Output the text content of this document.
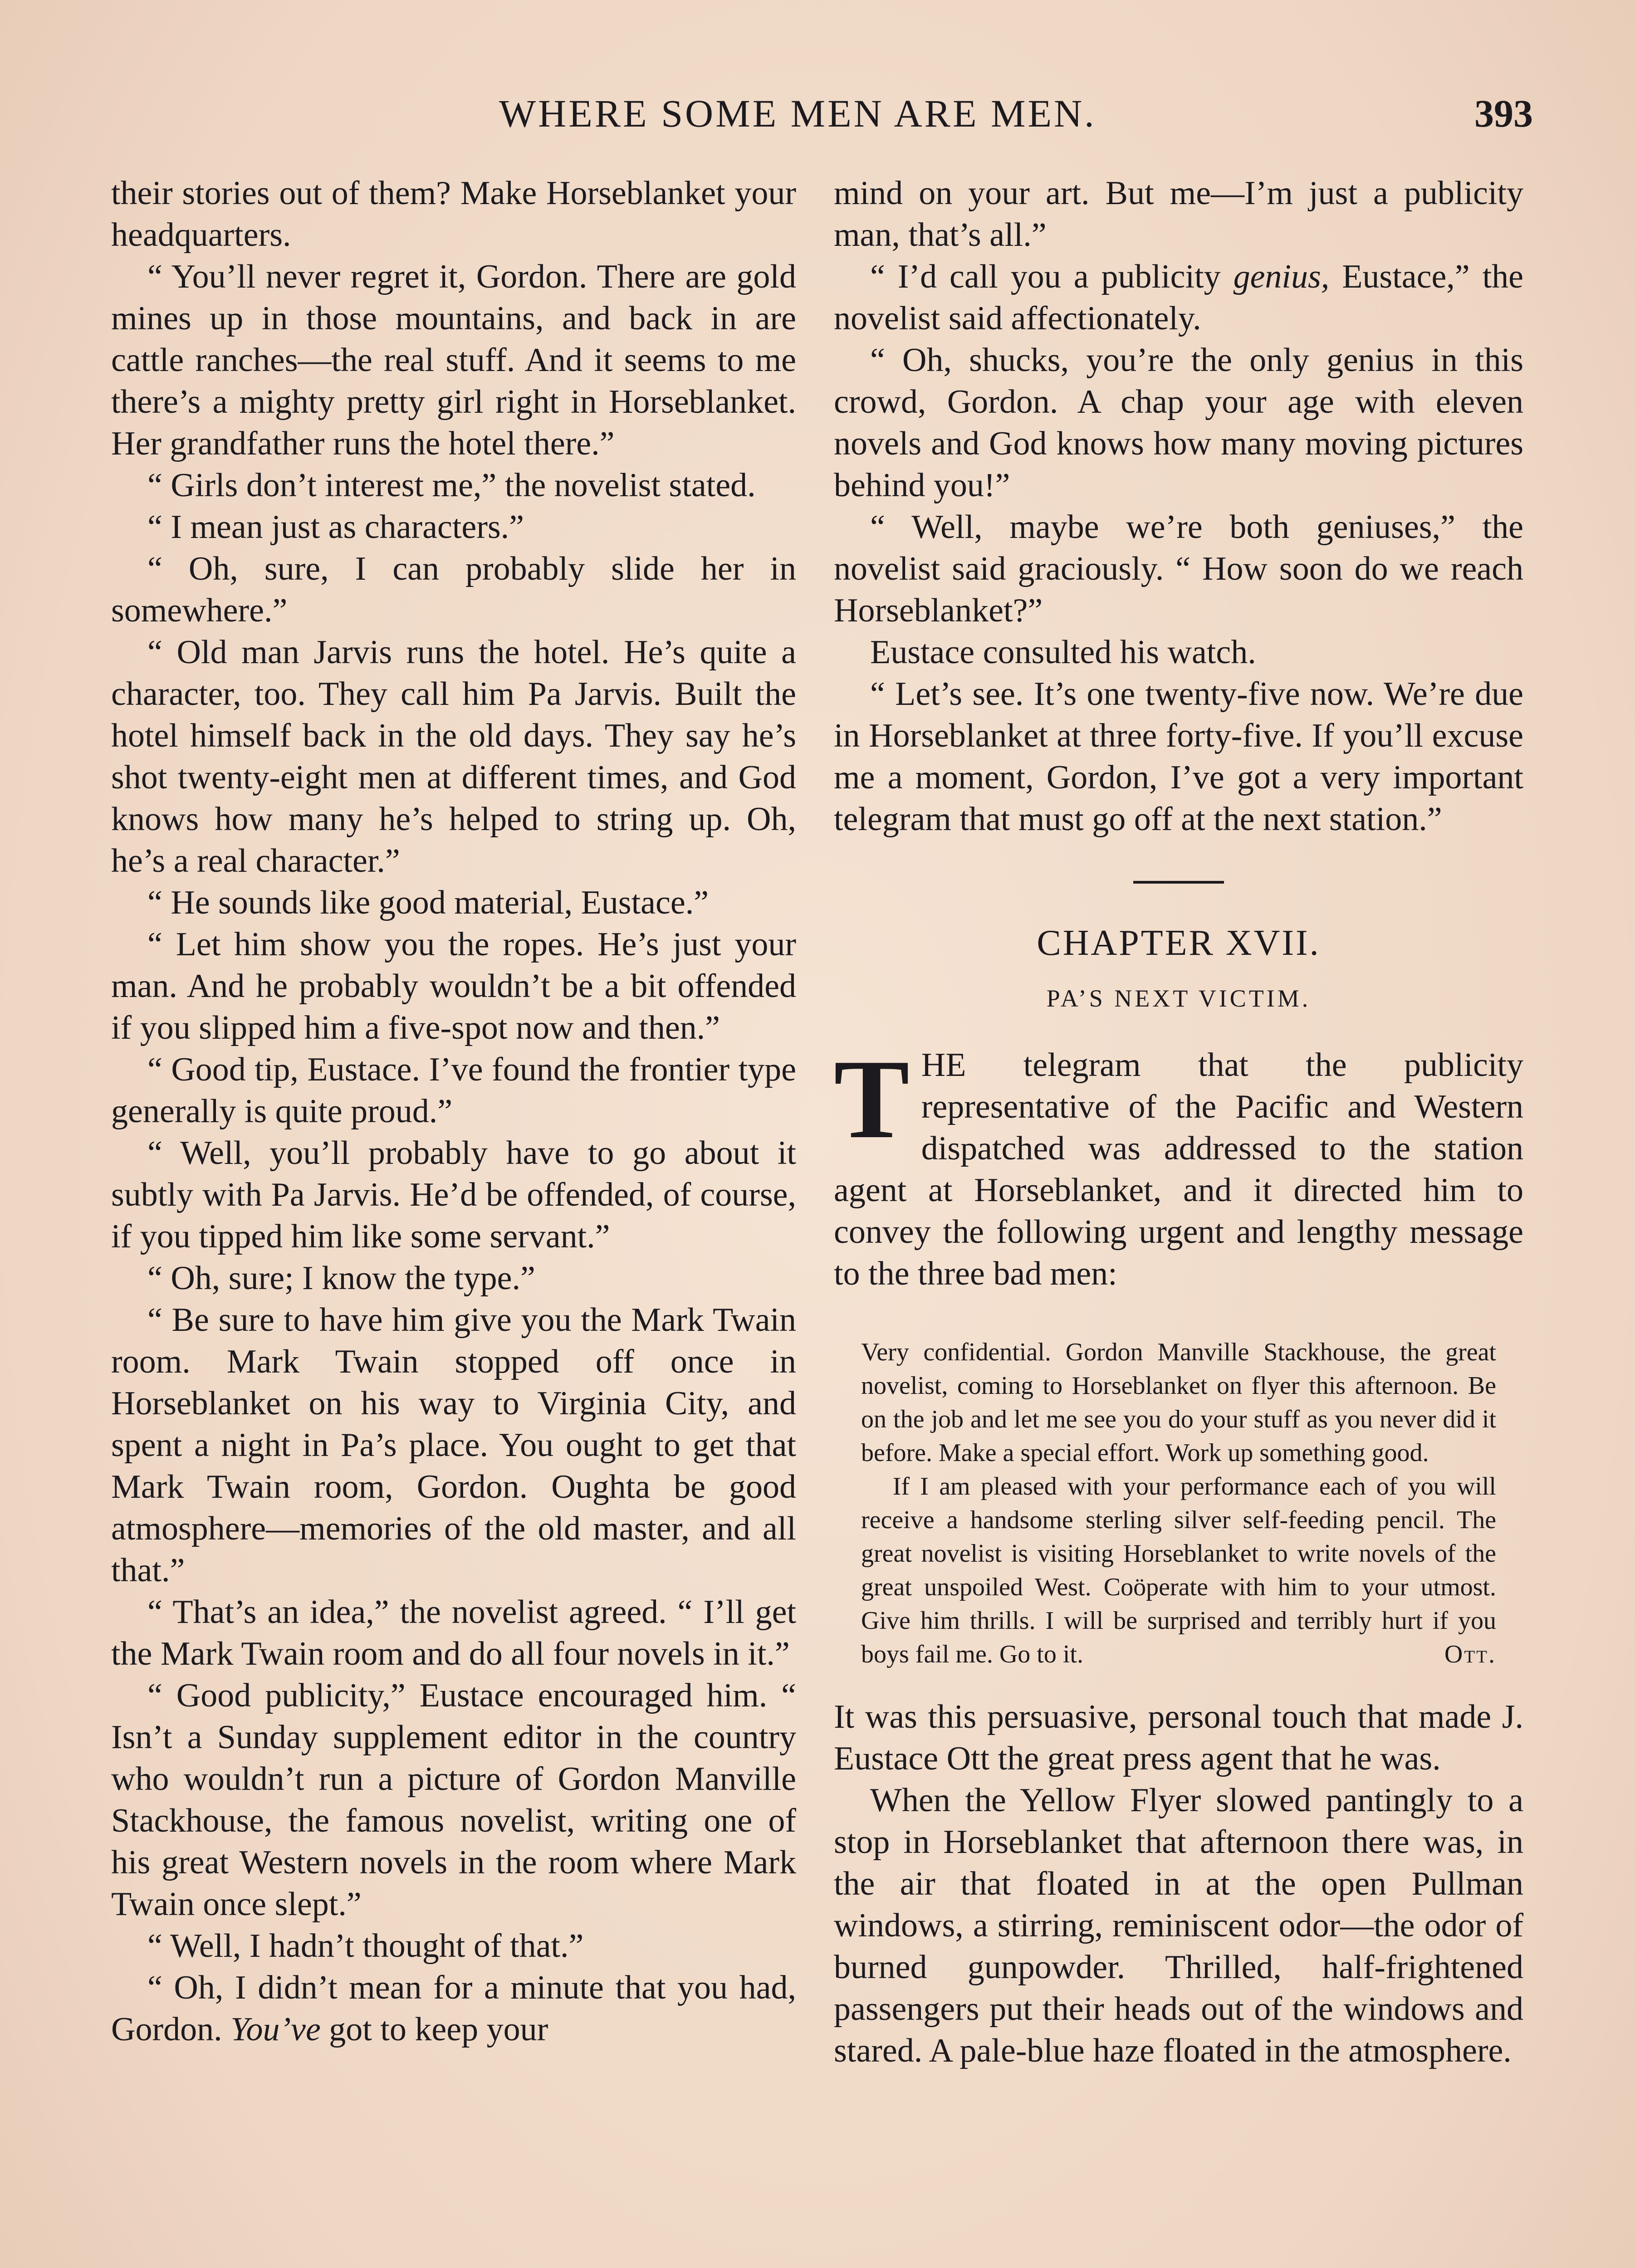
WHERE SOME MEN ARE MEN.	393

their stories out of them? Make Horseblanket your headquarters.

“ You’ll never regret it, Gordon. There are gold mines up in those mountains, and back in are cattle ranches—the real stuff. And it seems to me there’s a mighty pretty girl right in Horseblanket. Her grandfather runs the hotel there.”

“ Girls don’t interest me,” the novelist stated.

“ I mean just as characters.”

“ Oh, sure, I can probably slide her in somewhere.”

“ Old man Jarvis runs the hotel. He’s quite a character, too. They call him Pa Jarvis. Built the hotel himself back in the old days. They say he’s shot twenty-eight men at different times, and God knows how many he’s helped to string up. Oh, he’s a real character.”

“ He sounds like good material, Eustace.”

“ Let him show you the ropes. He’s just your man. And he probably wouldn’t be a bit offended if you slipped him a five-spot now and then.”

“ Good tip, Eustace. I’ve found the frontier type generally is quite proud.”

“ Well, you’ll probably have to go about it subtly with Pa Jarvis. He’d be offended, of course, if you tipped him like some servant.”

“ Oh, sure; I know the type.”

“ Be sure to have him give you the Mark Twain room. Mark Twain stopped off once in Horseblanket on his way to Virginia City, and spent a night in Pa’s place. You ought to get that Mark Twain room, Gordon. Oughta be good atmosphere—memories of the old master, and all that.”

“ That’s an idea,” the novelist agreed. “ I’ll get the Mark Twain room and do all four novels in it.”

“ Good publicity,” Eustace encouraged him. “ Isn’t a Sunday supplement editor in the country who wouldn’t run a picture of Gordon Manville Stackhouse, the famous novelist, writing one of his great Western novels in the room where Mark Twain once slept.”

“ Well, I hadn’t thought of that.”

“ Oh, I didn’t mean for a minute that you had, Gordon. You’ve got to keep your

mind on your art. But me—I’m just a publicity man, that’s all.”

“ I’d call you a publicity genius, Eustace,” the novelist said affectionately.

“ Oh, shucks, you’re the only genius in this crowd, Gordon. A chap your age with eleven novels and God knows how many moving pictures behind you!”

“ Well, maybe we’re both geniuses,” the novelist said graciously. “ How soon do we reach Horseblanket?”

Eustace consulted his watch.

“ Let’s see. It’s one twenty-five now. We’re due in Horseblanket at three forty-five. If you’ll excuse me a moment, Gordon, I’ve got a very important telegram that must go off at the next station.”

CHAPTER XVII.
PA’S NEXT VICTIM.

THE telegram that the publicity representative of the Pacific and Western dispatched was addressed to the station agent at Horseblanket, and it directed him to convey the following urgent and lengthy message to the three bad men:

Very confidential. Gordon Manville Stackhouse, the great novelist, coming to Horseblanket on flyer this afternoon. Be on the job and let me see you do your stuff as you never did it before. Make a special effort. Work up something good.

If I am pleased with your performance each of you will receive a handsome sterling silver self-feeding pencil. The great novelist is visiting Horseblanket to write novels of the great unspoiled West. Coöperate with him to your utmost. Give him thrills. I will be surprised and terribly hurt if you boys fail me. Go to it.	Ott.

It was this persuasive, personal touch that made J. Eustace Ott the great press agent that he was.

When the Yellow Flyer slowed pantingly to a stop in Horseblanket that afternoon there was, in the air that floated in at the open Pullman windows, a stirring, reminiscent odor—the odor of burned gunpowder. Thrilled, half-frightened passengers put their heads out of the windows and stared. A pale-blue haze floated in the atmosphere.
